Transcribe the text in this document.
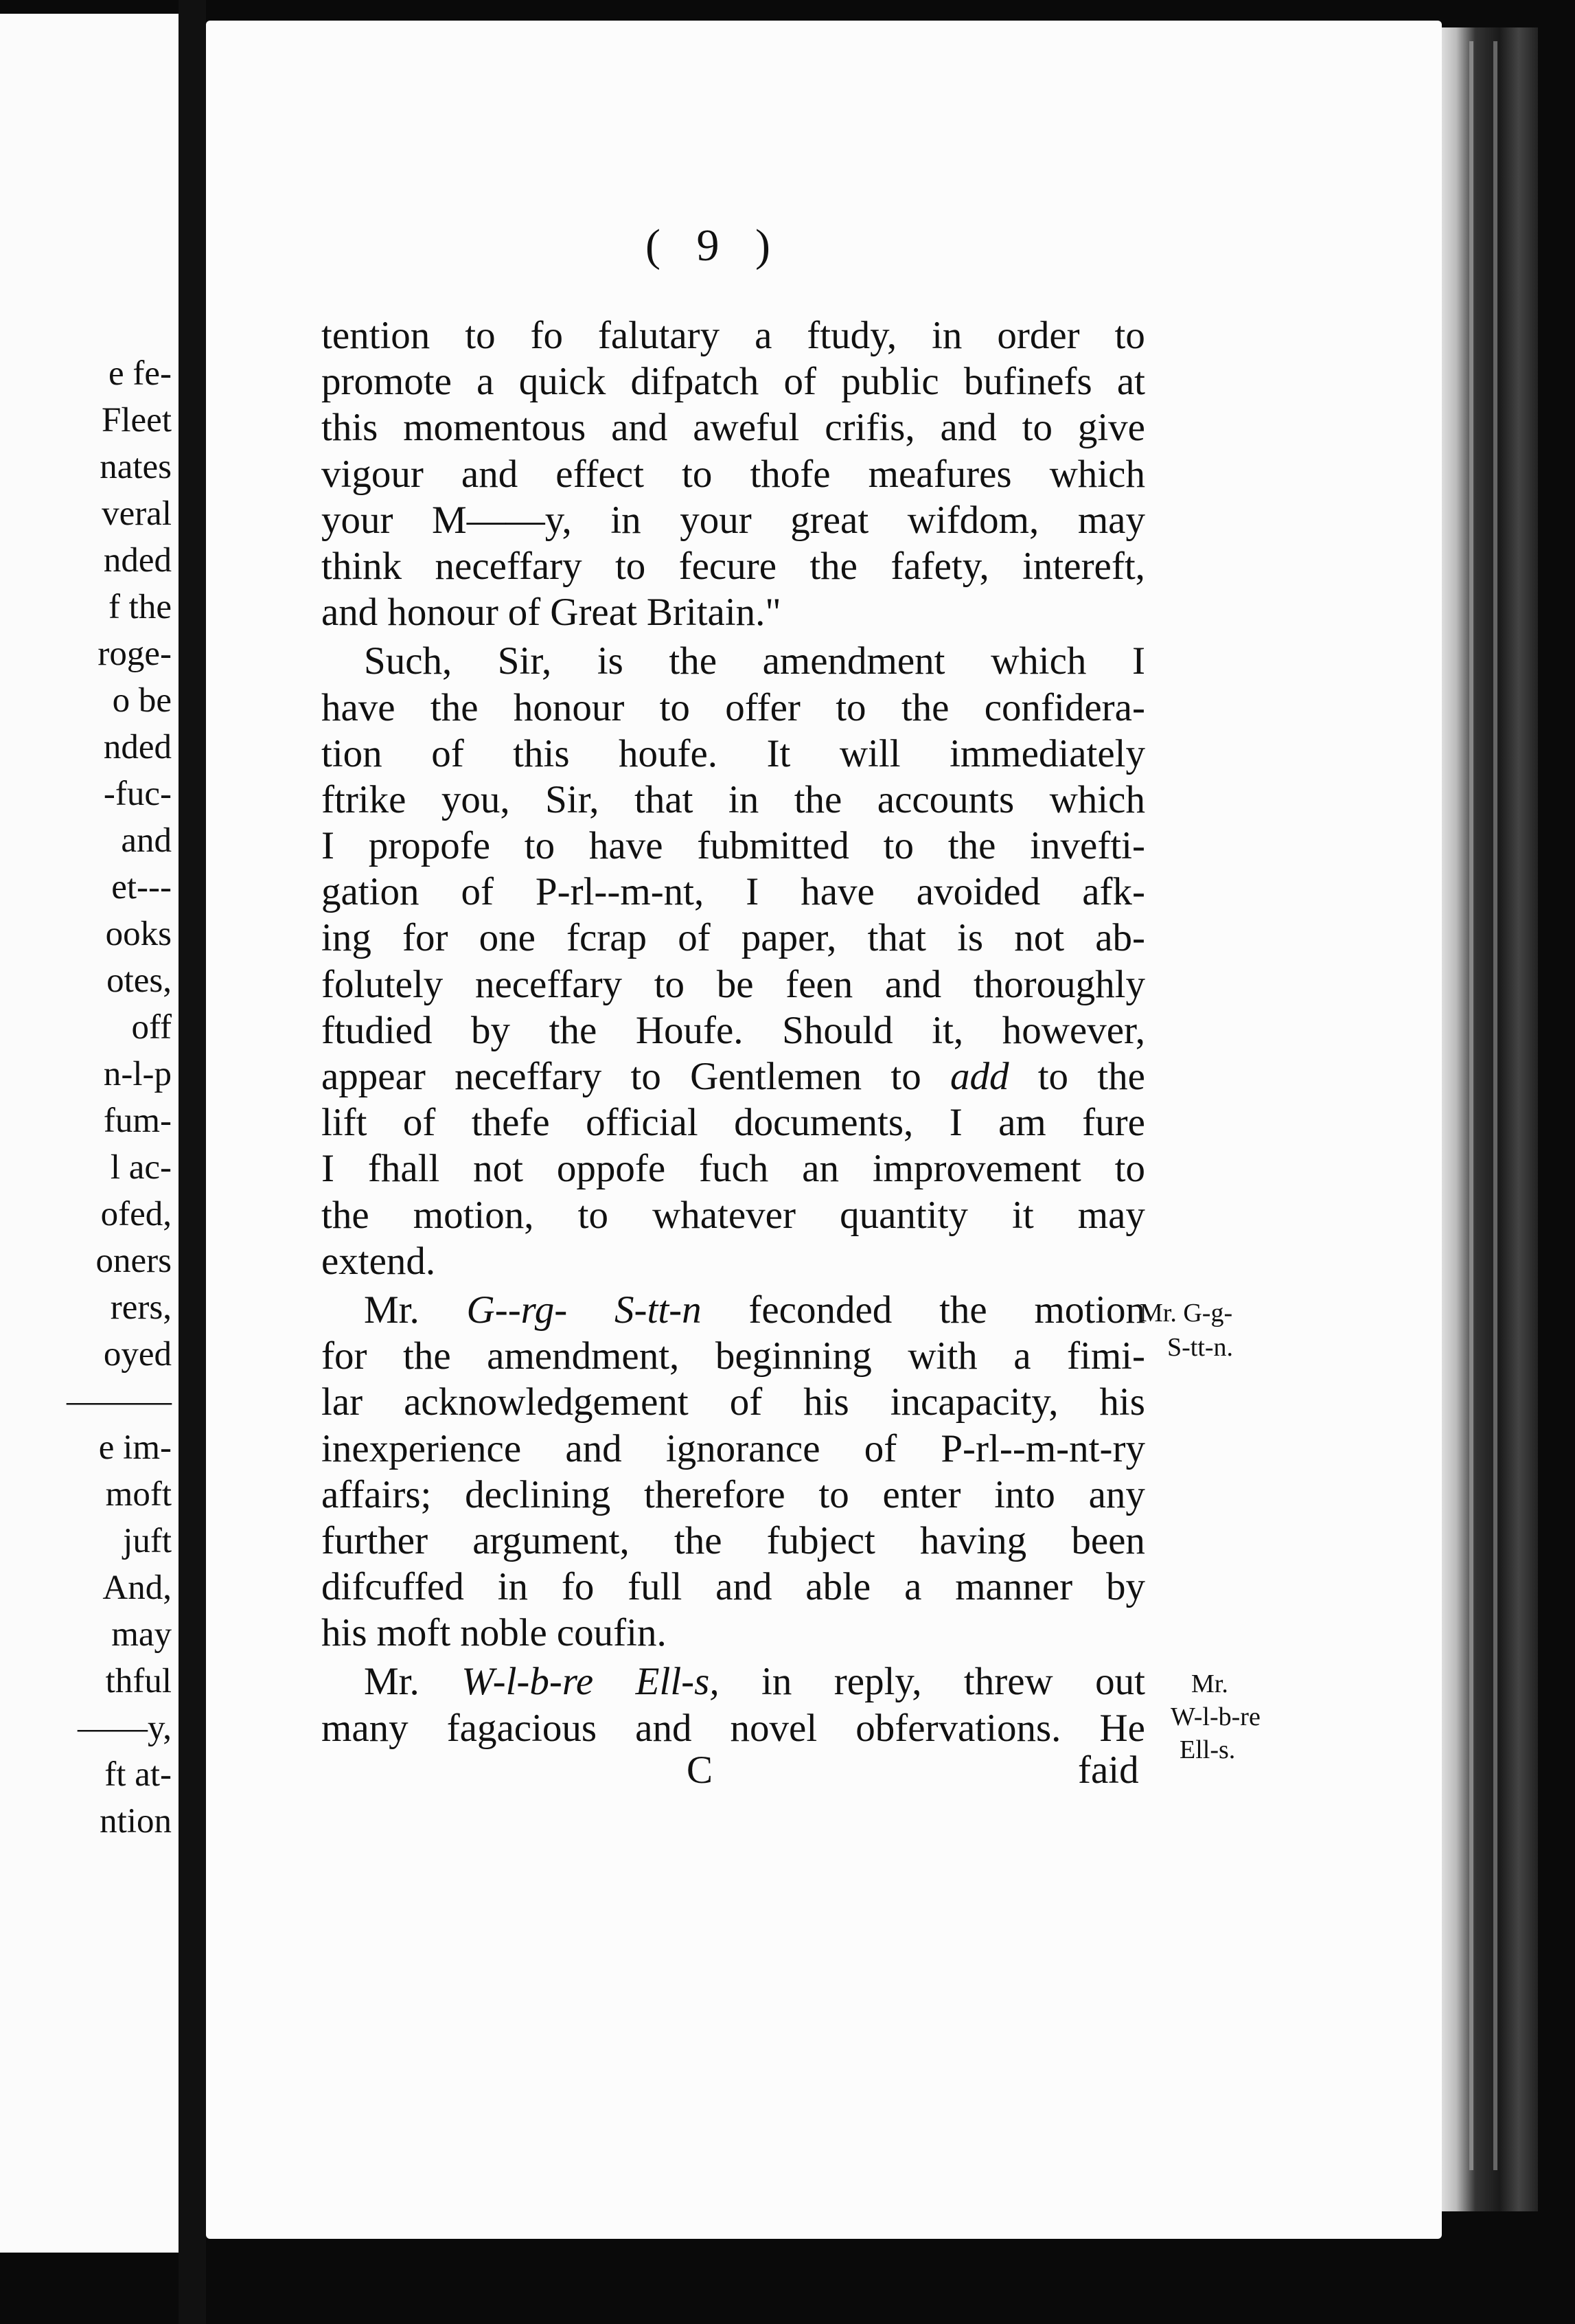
e fe-
Fleet
nates
veral
nded
f the
roge-
o be
nded
-fuc-
and
et---
ooks
otes,
off
n-l-p
fum-
l ac-
ofed,
oners
rers,
oyed
———
e im-
moft
juft
And,
may
thful
——y,
ft at-
ntion
( 9 )
tention to fo falutary a ftudy, in order to
promote a quick difpatch of public bufinefs at
this momentous and aweful crifis, and to give
vigour and effect to thofe meafures which
your M——y, in your great wifdom, may
think neceffary to fecure the fafety, intereft,
and honour of Great Britain."
Such, Sir, is the amendment which I
have the honour to offer to the confidera-
tion of this houfe. It will immediately
ftrike you, Sir, that in the accounts which
I propofe to have fubmitted to the invefti-
gation of P-rl--m-nt, I have avoided afk-
ing for one fcrap of paper, that is not ab-
folutely neceffary to be feen and thoroughly
ftudied by the Houfe. Should it, however,
appear neceffary to Gentlemen to add to the
lift of thefe official documents, I am fure
I fhall not oppofe fuch an improvement to
the motion, to whatever quantity it may
extend.
Mr. G--rg- S-tt-n feconded the motion
for the amendment, beginning with a fimi-
lar acknowledgement of his incapacity, his
inexperience and ignorance of P-rl--m-nt-ry
affairs; declining therefore to enter into any
further argument, the fubject having been
difcuffed in fo full and able a manner by
his moft noble coufin.
Mr. W-l-b-re Ell-s, in reply, threw out
many fagacious and novel obfervations. He
C	faid
Mr. G-g-
S-tt-n.
Mr.
W-l-b-re
Ell-s.
